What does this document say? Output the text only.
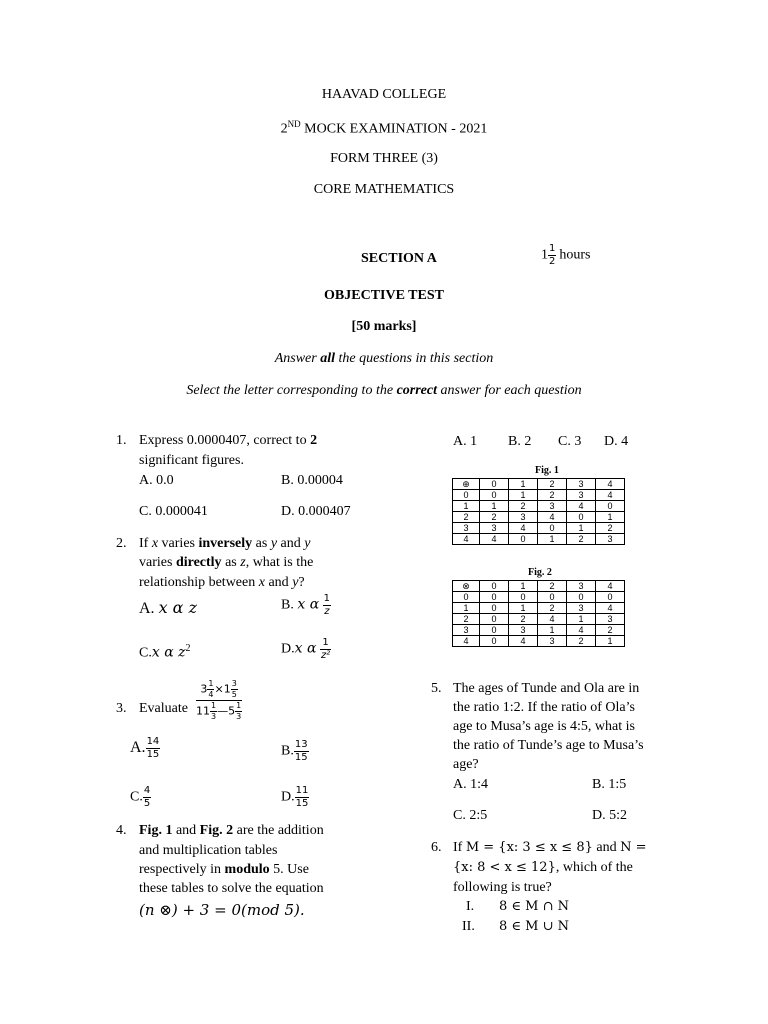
HAAVAD COLLEGE
2ND MOCK EXAMINATION - 2021
FORM THREE (3)
CORE MATHEMATICS
SECTION A	$1 \frac{1}{2}$ hours
OBJECTIVE TEST
[50 marks]
Answer all the questions in this section
Select the letter corresponding to the correct answer for each question
1. Express 0.0000407, correct to 2
significant figures.
A. 0.0	B. 0.00004
C. 0.000041	D. 0.000407
2. If x varies inversely as y and y
varies directly as z, what is the
relationship between x and y?
A. x α z	B. x α $\frac{1}{z}$
C.x α $z^2$	D.x α $\frac{1}{\text{z²}}$
3. Evaluate $\frac{3 \frac{1}{4} \times 1 \frac{3}{5}}{11 \frac{1}{3} —5 \frac{1}{3}}$
A. $\frac{14}{15}$	B. $\frac{13}{15}$
C. $\frac{4}{5}$	D. $\frac{11}{15}$
4. Fig. 1 and Fig. 2 are the addition
and multiplication tables
respectively in modulo 5. Use
these tables to solve the equation
(n ⊗) + 3 = 0(mod 5).
A. 1 B. 2 C. 3 D. 4
Fig. 1
⊕	0	1	2	3	4
0	0	1	2	3	4
1	1	2	3	4	0
2	2	3	4	0	1
3	3	4	0	1	2
4	4	0	1	2	3
Fig. 2
⊗	0	1	2	3	4
0	0	0	0	0	0
1	0	1	2	3	4
2	0	2	4	1	3
3	0	3	1	4	2
4	0	4	3	2	1
5. The ages of Tunde and Ola are in
the ratio 1:2. If the ratio of Ola’s
age to Musa’s age is 4:5, what is
the ratio of Tunde’s age to Musa’s
age?
A. 1:4	B. 1:5
C. 2:5	D. 5:2
6. If M = {x: 3 ≤ x ≤ 8} and N =
{x: 8 < x ≤ 12}, which of the
following is true?
I. 8 ∈ M ∩ N
II. 8 ∈ M ∪ N
